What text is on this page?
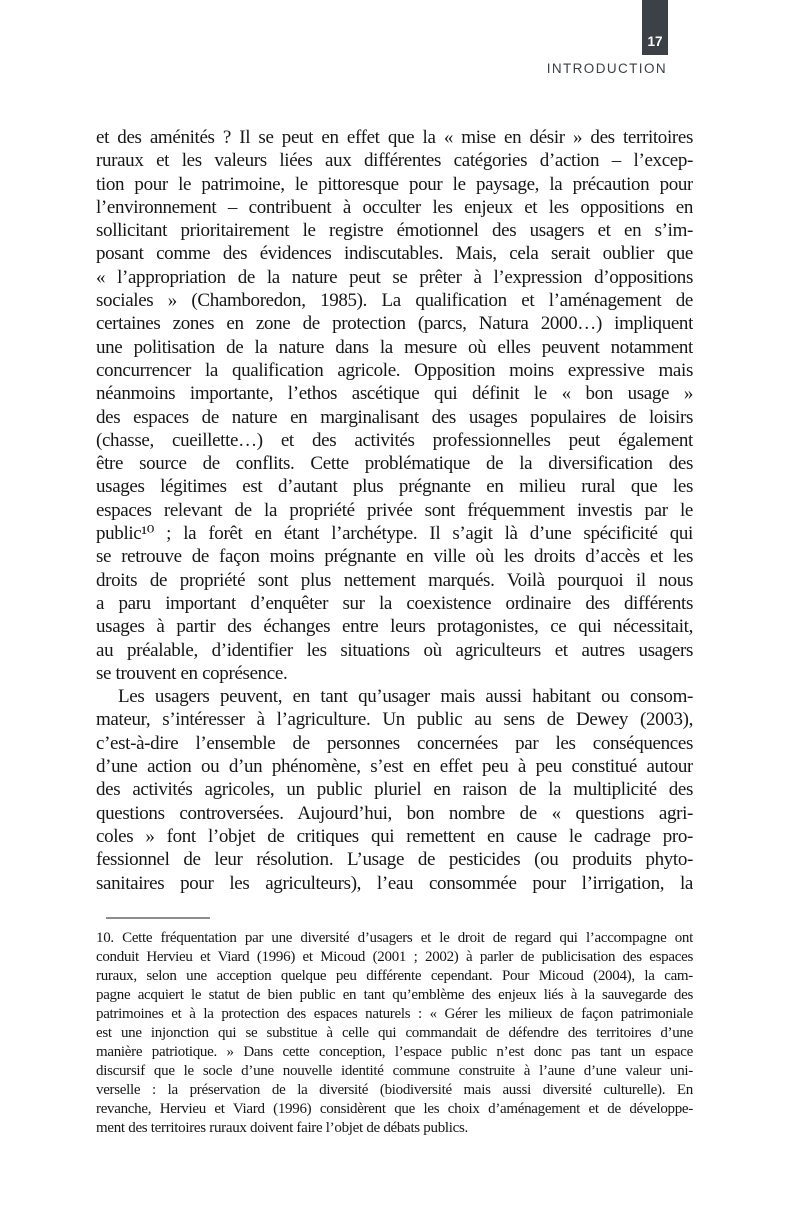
17
INTRODUCTION
et des aménités ? Il se peut en effet que la « mise en désir » des territoires
ruraux et les valeurs liées aux différentes catégories d’action – l’excep-
tion pour le patrimoine, le pittoresque pour le paysage, la précaution pour
l’environnement – contribuent à occulter les enjeux et les oppositions en
sollicitant prioritairement le registre émotionnel des usagers et en s’im-
posant comme des évidences indiscutables. Mais, cela serait oublier que
« l’appropriation de la nature peut se prêter à l’expression d’oppositions
sociales » (Chamboredon, 1985). La qualification et l’aménagement de
certaines zones en zone de protection (parcs, Natura 2000…) impliquent
une politisation de la nature dans la mesure où elles peuvent notamment
concurrencer la qualification agricole. Opposition moins expressive mais
néanmoins importante, l’ethos ascétique qui définit le « bon usage »
des espaces de nature en marginalisant des usages populaires de loisirs
(chasse, cueillette…) et des activités professionnelles peut également
être source de conflits. Cette problématique de la diversification des
usages légitimes est d’autant plus prégnante en milieu rural que les
espaces relevant de la propriété privée sont fréquemment investis par le
public¹⁰ ; la forêt en étant l’archétype. Il s’agit là d’une spécificité qui
se retrouve de façon moins prégnante en ville où les droits d’accès et les
droits de propriété sont plus nettement marqués. Voilà pourquoi il nous
a paru important d’enquêter sur la coexistence ordinaire des différents
usages à partir des échanges entre leurs protagonistes, ce qui nécessitait,
au préalable, d’identifier les situations où agriculteurs et autres usagers
se trouvent en coprésence.
Les usagers peuvent, en tant qu’usager mais aussi habitant ou consom-
mateur, s’intéresser à l’agriculture. Un public au sens de Dewey (2003),
c’est-à-dire l’ensemble de personnes concernées par les conséquences
d’une action ou d’un phénomène, s’est en effet peu à peu constitué autour
des activités agricoles, un public pluriel en raison de la multiplicité des
questions controversées. Aujourd’hui, bon nombre de « questions agri-
coles » font l’objet de critiques qui remettent en cause le cadrage pro-
fessionnel de leur résolution. L’usage de pesticides (ou produits phyto-
sanitaires pour les agriculteurs), l’eau consommée pour l’irrigation, la
10. Cette fréquentation par une diversité d’usagers et le droit de regard qui l’accompagne ont
conduit Hervieu et Viard (1996) et Micoud (2001 ; 2002) à parler de publicisation des espaces
ruraux, selon une acception quelque peu différente cependant. Pour Micoud (2004), la cam-
pagne acquiert le statut de bien public en tant qu’emblème des enjeux liés à la sauvegarde des
patrimoines et à la protection des espaces naturels : « Gérer les milieux de façon patrimoniale
est une injonction qui se substitue à celle qui commandait de défendre des territoires d’une
manière patriotique. » Dans cette conception, l’espace public n’est donc pas tant un espace
discursif que le socle d’une nouvelle identité commune construite à l’aune d’une valeur uni-
verselle : la préservation de la diversité (biodiversité mais aussi diversité culturelle). En
revanche, Hervieu et Viard (1996) considèrent que les choix d’aménagement et de développe-
ment des territoires ruraux doivent faire l’objet de débats publics.
